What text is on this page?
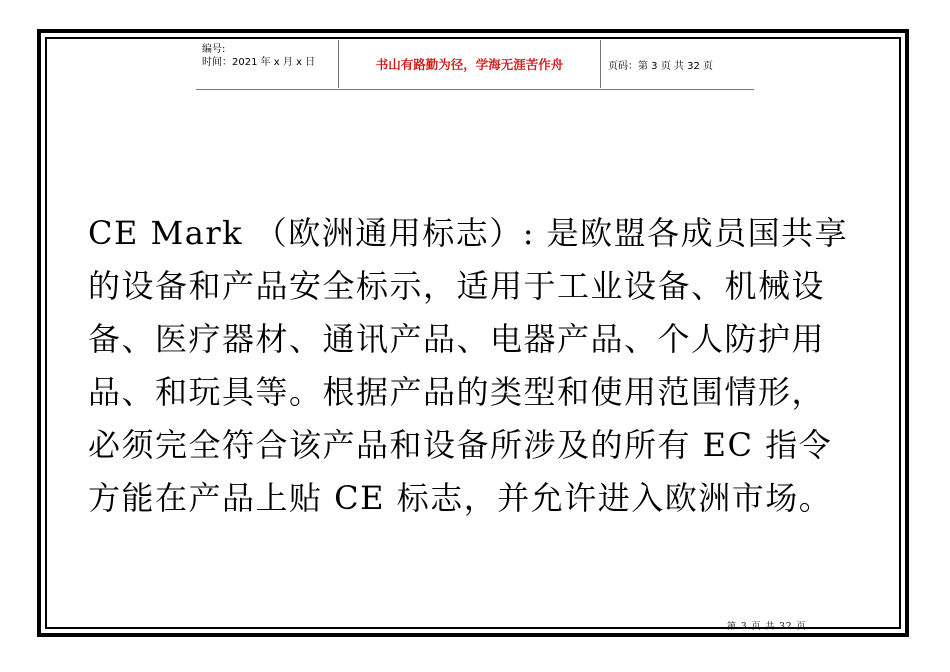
编号:
时间：2021 年 x 月 x 日	书山有路勤为径，学海无涯苦作舟	页码：第 3 页 共 32 页
CE Mark （欧洲通用标志）: 是欧盟各成员国共享
的设备和产品安全标示，适用于工业设备、机械设
备、医疗器材、通讯产品、电器产品、个人防护用
品、和玩具等。根据产品的类型和使用范围情形，
必须完全符合该产品和设备所涉及的所有 EC 指令
方能在产品上贴 CE 标志，并允许进入欧洲市场。
第 3 页 共 32 页
